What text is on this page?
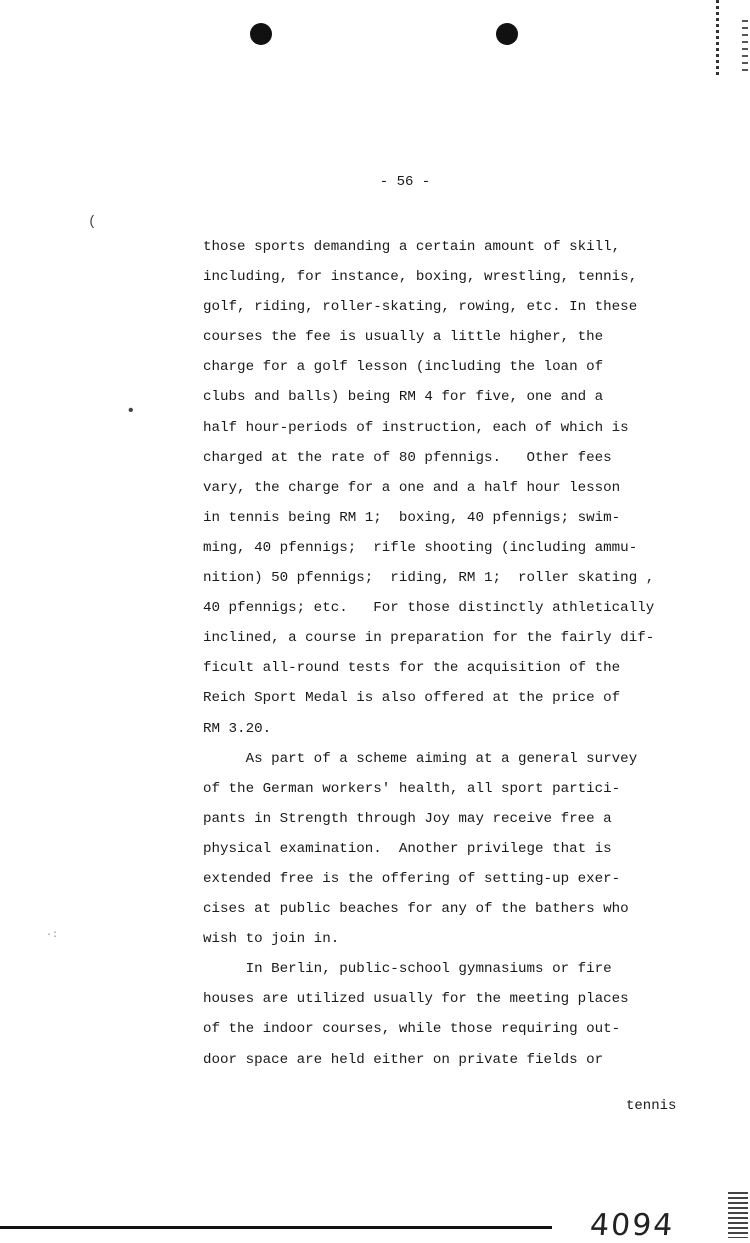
(
•
·:
- 56 -
those sports demanding a certain amount of skill,
including, for instance, boxing, wrestling, tennis,
golf, riding, roller-skating, rowing, etc. In these
courses the fee is usually a little higher, the
charge for a golf lesson (including the loan of
clubs and balls) being RM 4 for five, one and a
half hour-periods of instruction, each of which is
charged at the rate of 80 pfennigs.   Other fees
vary, the charge for a one and a half hour lesson
in tennis being RM 1;  boxing, 40 pfennigs; swim-
ming, 40 pfennigs;  rifle shooting (including ammu-
nition) 50 pfennigs;  riding, RM 1;  roller skating ,
40 pfennigs; etc.   For those distinctly athletically
inclined, a course in preparation for the fairly dif-
ficult all-round tests for the acquisition of the
Reich Sport Medal is also offered at the price of
RM 3.20.
As part of a scheme aiming at a general survey
of the German workers' health, all sport partici-
pants in Strength through Joy may receive free a
physical examination.  Another privilege that is
extended free is the offering of setting-up exer-
cises at public beaches for any of the bathers who
wish to join in.
In Berlin, public-school gymnasiums or fire
houses are utilized usually for the meeting places
of the indoor courses, while those requiring out-
door space are held either on private fields or
tennis
4094
